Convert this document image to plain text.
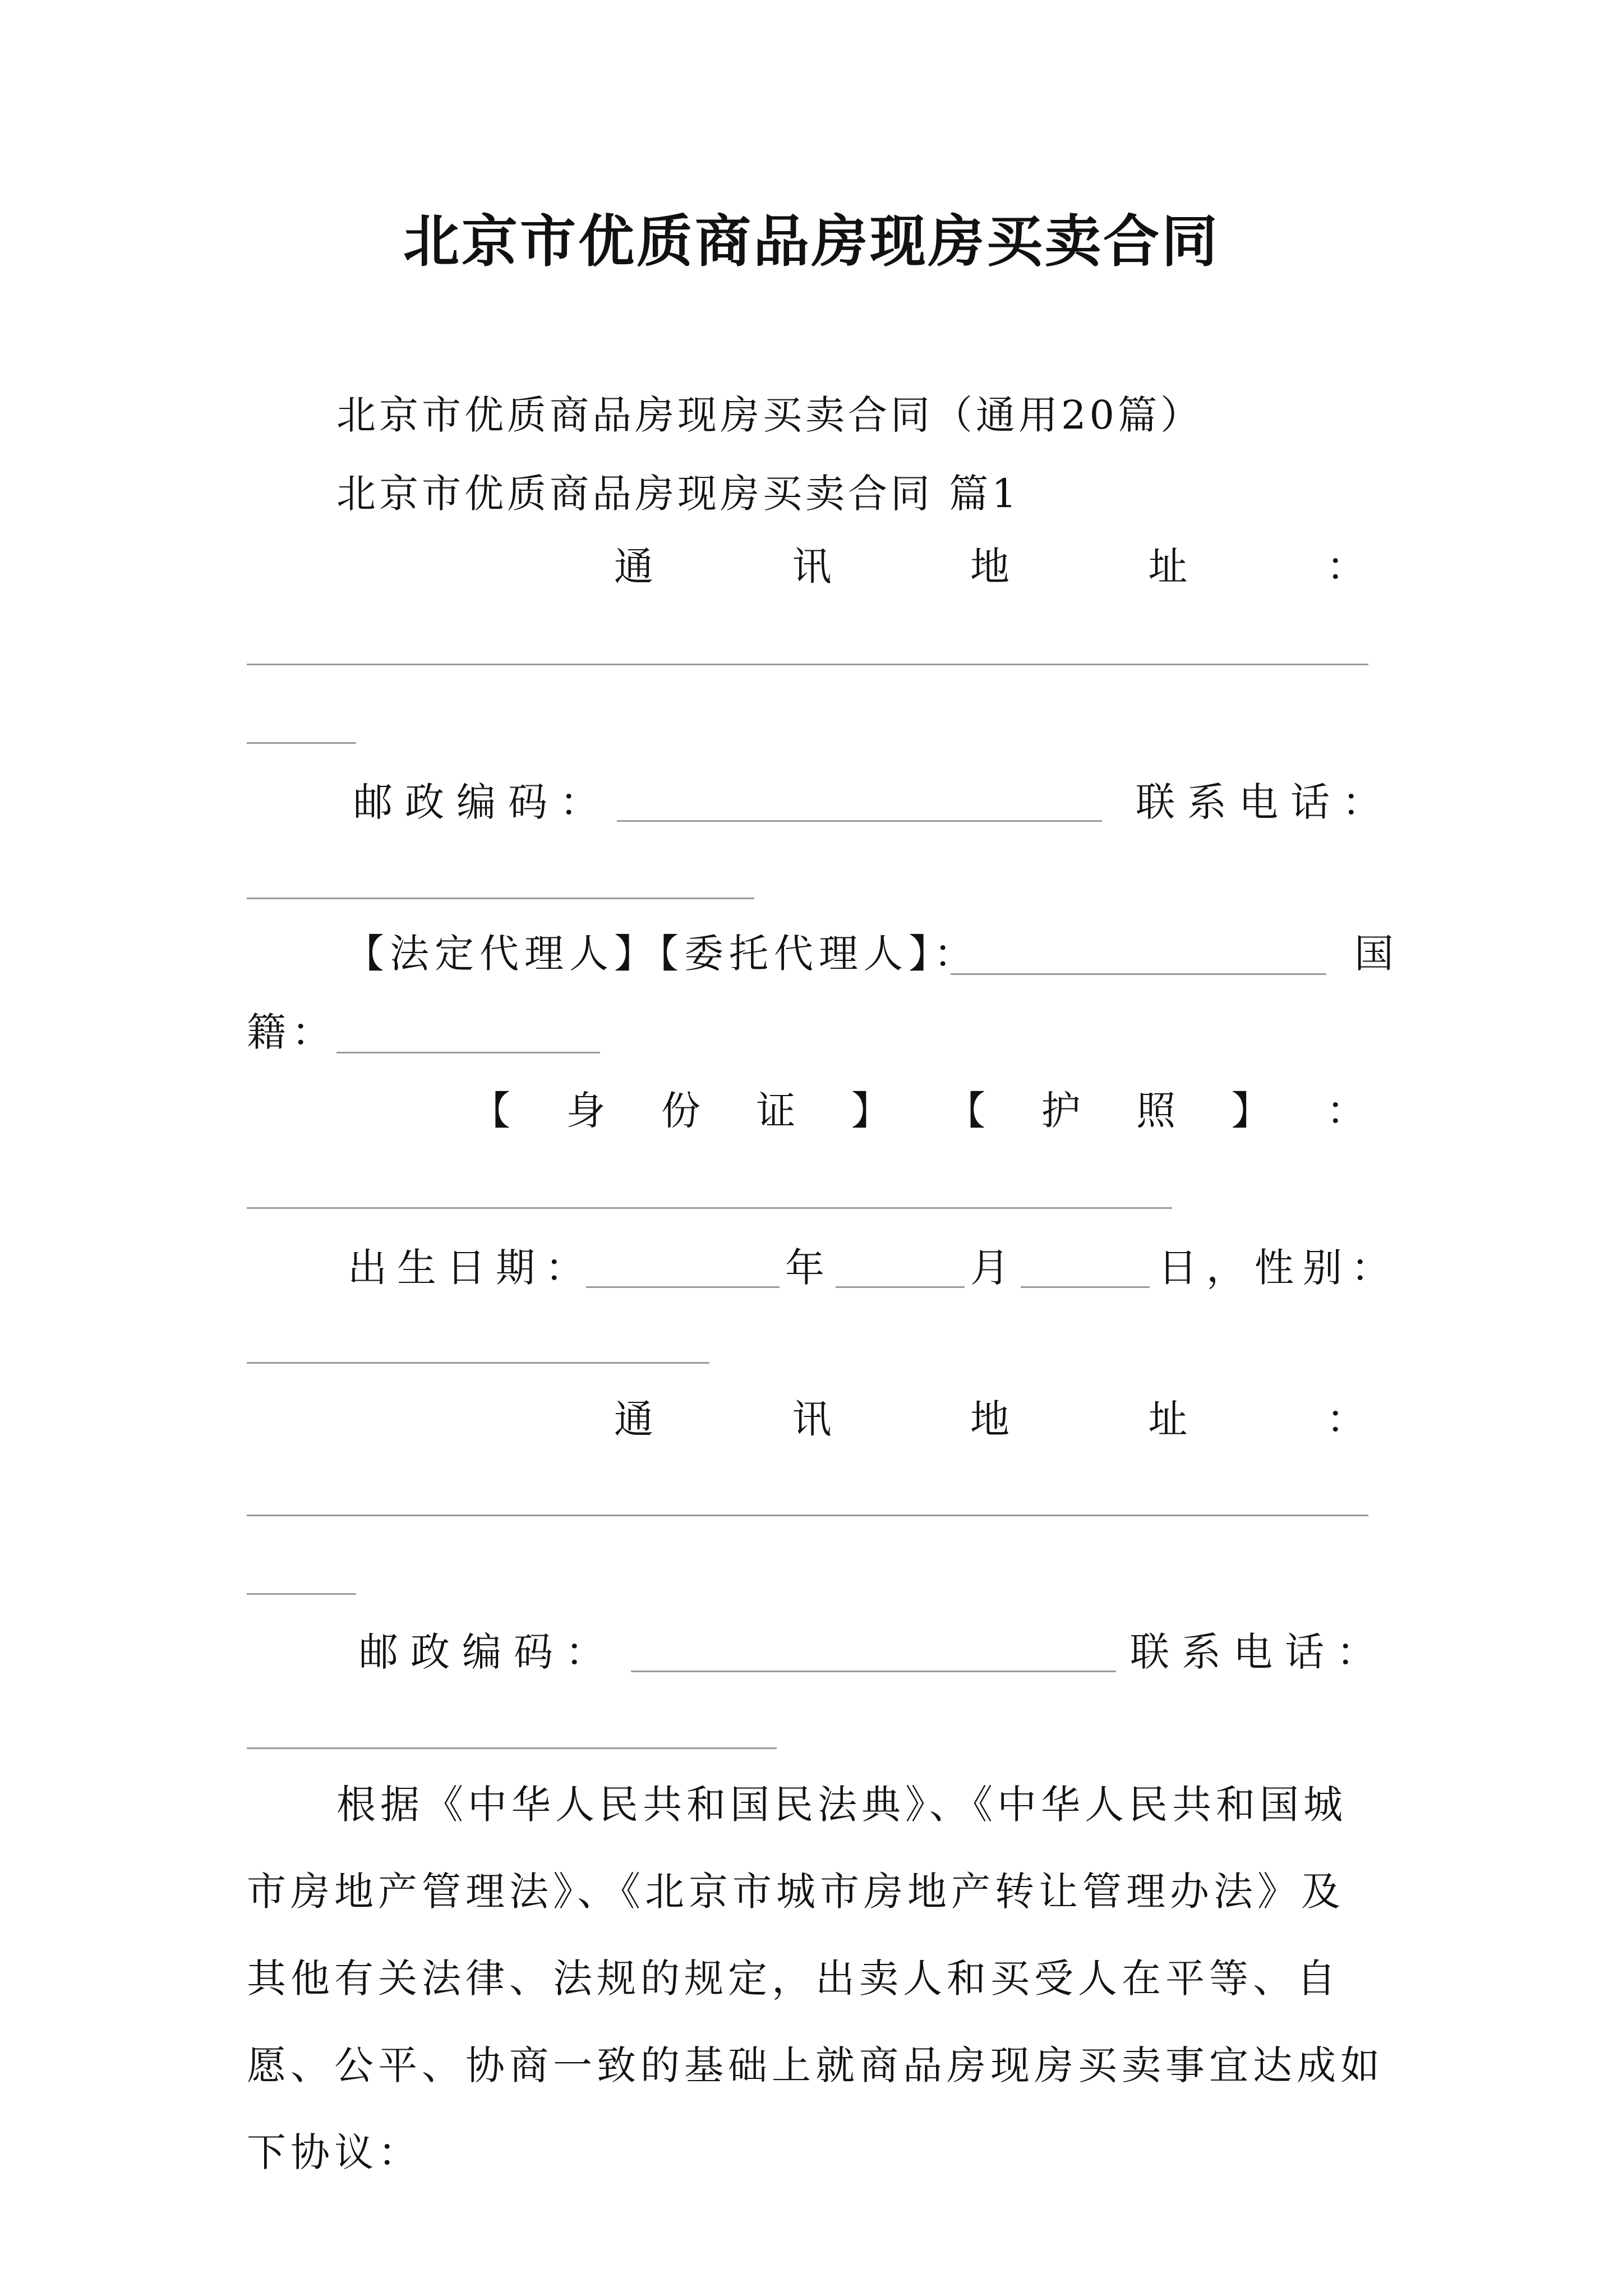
北京市优质商品房现房买卖合同
北京市优质商品房现房买卖合同（通用20篇）
北京市优质商品房现房买卖合同 篇1
通	讯	地	址	：
邮政编码：	联系电话：
【法定代理人】【委托代理人】：	国
籍：
【 身 份 证 】 【 护 照 】 ：
出生日期：	年	月	日，性别：
通	讯	地	址	：
邮政编码：	联系电话：
根据《中华人民共和国民法典》、《中华人民共和国城市房地产管理法》、《北京市城市房地产转让管理办法》及其他有关法律、法规的规定，出卖人和买受人在平等、自愿、公平、协商一致的基础上就商品房现房买卖事宜达成如下协议：
